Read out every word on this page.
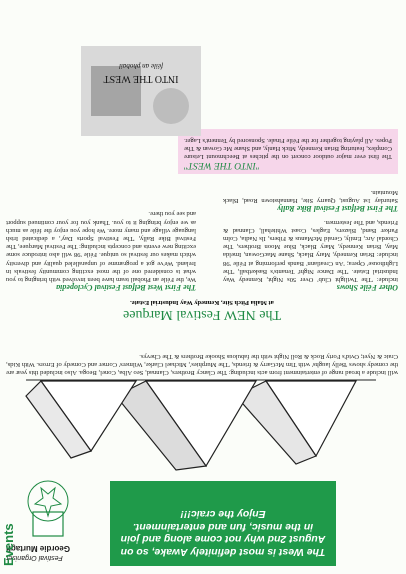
The West is most definitely Awake, so on August 2nd why not come along and join in the music, fun and entertainment. Enjoy the craic!!!
Festival Organiser
Geordie Murtagh
will include a broad range of entertainment from acts including: The Clancy Brothers, Clannad, Seo Alba, Conel, Beoga. Also included this year are the comedy shows 'Belly laughs' with Tim McGarry & friends, 'The Murphies', Michael Clarke, Wilmers' Corner and Comedy of Errors. With Kids, Craic & Nyet; Ovid's Forty Rock & Roll Night with the fabulous Shooke Brothers & The Chevys.
The NEW Festival Marquee
at Malia Pitch Site, Kennedy Way Industrial Estate.
Other Féile Shows
include: 'The Twilight Club' Over 50s Night, Kennedy Way Industrial Estate. 'The Dance Night' Tenants's Basketball, 'The Lighthouse' Opera; 'An Creatlann' Bands performing at Féile '98 include: Brian Kennedy, Mary Black, Shane MacGowan, Imelda May, Brian Kennedy, Mary Black, Blue Moon Brothers, The Chordal Arc, Emily, Gerald McManus & Fibers, Ils Nadia, Colm Parker Band, Blazers, Eagles, Coast Whitehall, Clannad & Friends, and The Jestermen.
The First Belfast Festival Bike Rally
Saturday 1st August, Quarry Site, Hannahstown Road, Black Mountain.
The First West Belfast Festival Cyclopedia
We, the Féile an Phobail team have been involved with bringing to you what is considered one of the most exciting community festivals in Ireland. We've got a programme of unparalleled quality and diversity which makes our festival so unique. Féile '98 will also introduce some exciting new events and concepts including: The Festival Marquee, The Festival Bike Rally, 'The Festival Sports Day', a dedicated Irish language village and many more. We hope you enjoy the féile as much as we enjoy bringing it to you. Thank you for your continued support and see you there.
"INTO THE WEST"
The first ever major outdoor concert on the pitches at Beechmount Leisure Complex, featuring Brian Kennedy, Mick Hanly, and Shane Mc Gowan & The Popes. All playing together for the Féile Finale. Sponsored by Tennent's Lager.
INTO THE WEST
féile an phobail
Events
